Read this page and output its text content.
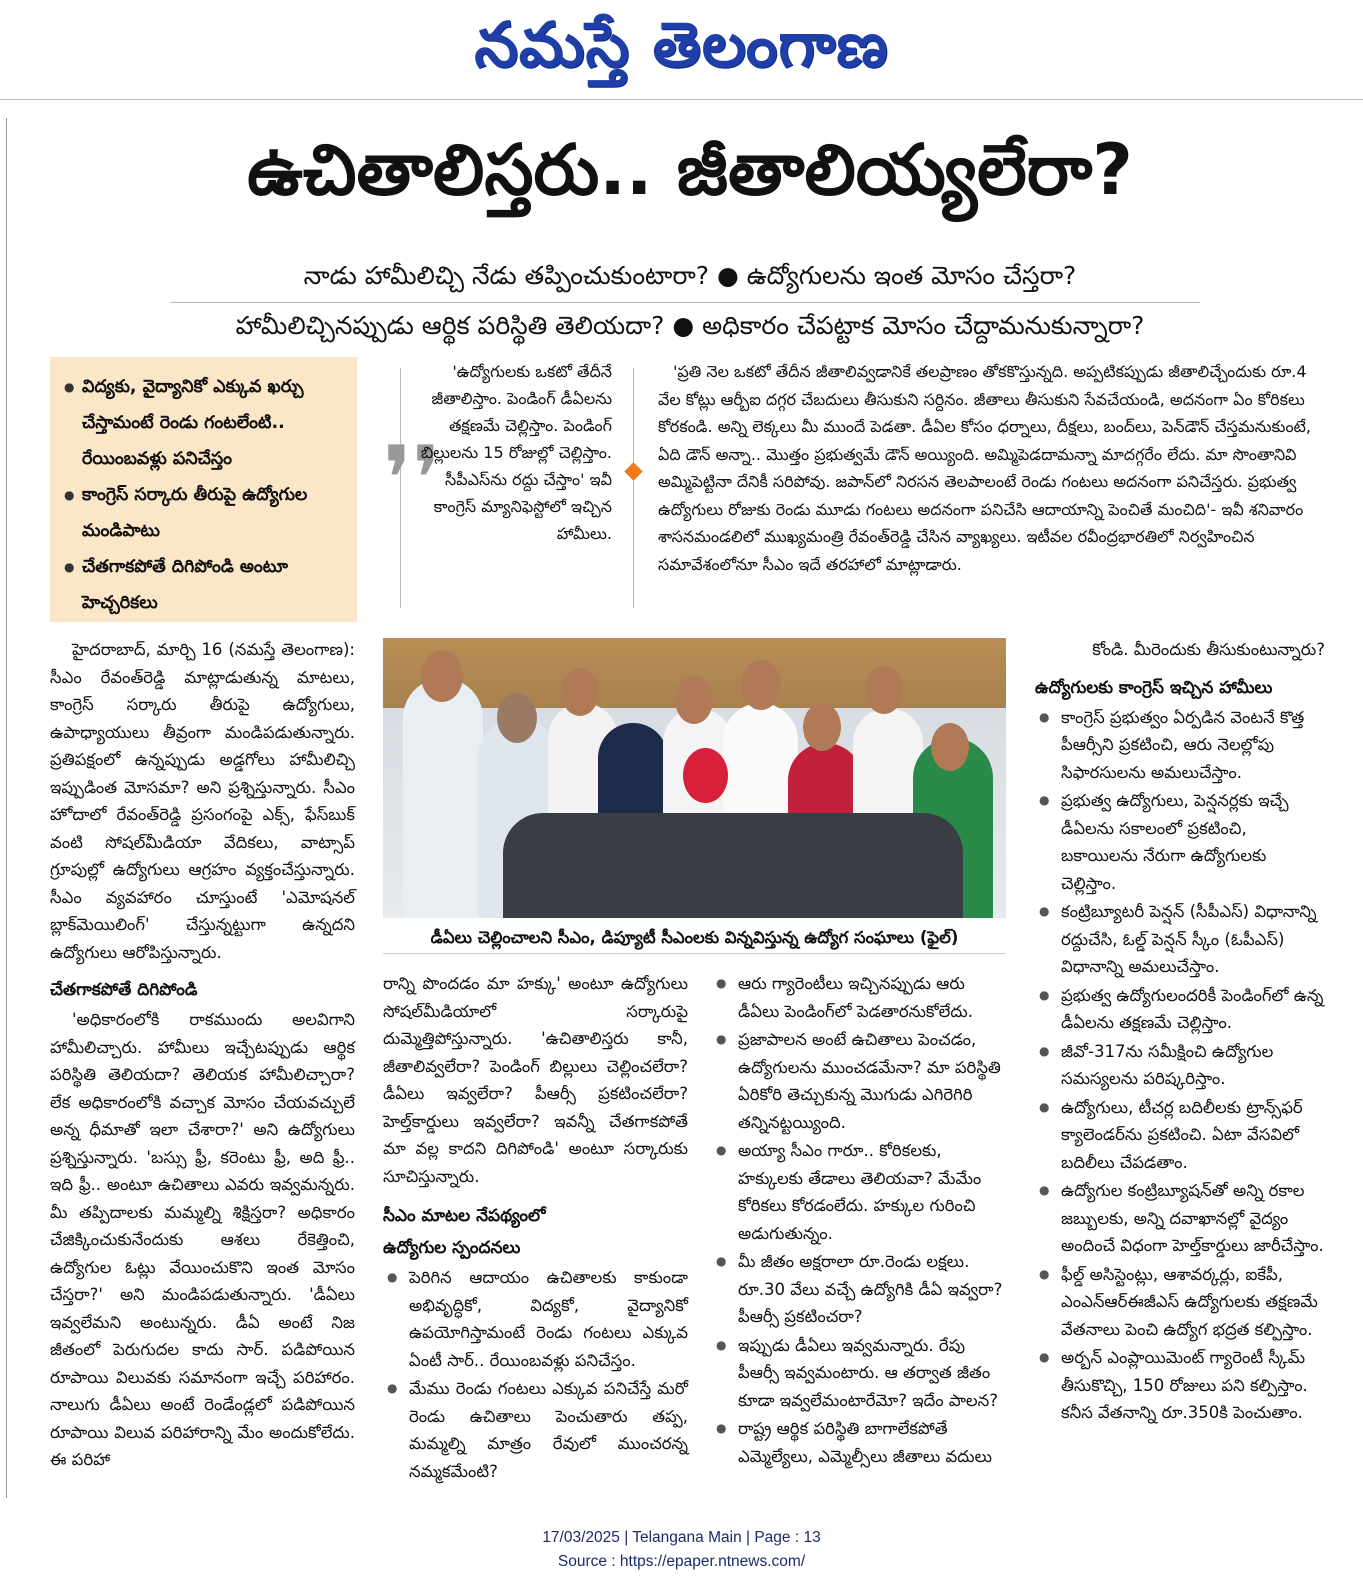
నమస్తే తెలంగాణ
ఉచితాలిస్తరు.. జీతాలియ్యలేరా?
నాడు హామీలిచ్చి నేడు తప్పించుకుంటారా? ● ఉద్యోగులను ఇంత మోసం చేస్తరా?
హామీలిచ్చినప్పుడు ఆర్థిక పరిస్థితి తెలియదా? ● అధికారం చేపట్టాక మోసం చేద్దామనుకున్నారా?
● విద్యకు, వైద్యానికో ఎక్కువ ఖర్చు చేస్తామంటే రెండు గంటలేంటి.. రేయింబవళ్లు పనిచేస్తం
● కాంగ్రెస్ సర్కారు తీరుపై ఉద్యోగుల మండిపాటు
● చేతగాకపోతే దిగిపోండి అంటూ హెచ్చరికలు
❜❜
'ఉద్యోగులకు ఒకటో తేదీనే జీతాలిస్తాం. పెండింగ్ డీఏలను తక్షణమే చెల్లిస్తాం. పెండింగ్ బిల్లులను 15 రోజుల్లో చెల్లిస్తాం. సీపీఎస్‌ను రద్దు చేస్తాం' ఇవీ కాంగ్రెస్ మ్యానిఫెస్టోలో ఇచ్చిన హామీలు.
'ప్రతి నెల ఒకటో తేదీన జీతాలివ్వడానికే తలప్రాణం తోకకొస్తున్నది. అప్పటికప్పుడు జీతాలిచ్చేందుకు రూ.4 వేల కోట్లు ఆర్బీఐ దగ్గర చేబదులు తీసుకుని సర్దినం. జీతాలు తీసుకుని సేవచేయండి, అదనంగా ఏం కోరికలు కోరకండి. అన్ని లెక్కలు మీ ముందే పెడతా. డీఏల కోసం ధర్నాలు, దీక్షలు, బంద్‌లు, పెన్‌డౌన్ చేస్తమనుకుంటే, ఏది డౌన్ అన్నా.. మొత్తం ప్రభుత్వమే డౌన్ అయ్యింది. అమ్మిపెడదామన్నా మాదగ్గరేం లేదు. మా సొంతానివి అమ్మిపెట్టినా దేనికీ సరిపోవు. జపాన్‌లో నిరసన తెలపాలంటే రెండు గంటలు అదనంగా పనిచేస్తరు. ప్రభుత్వ ఉద్యోగులు రోజుకు రెండు మూడు గంటలు అదనంగా పనిచేసి ఆదాయాన్ని పెంచితే మంచిది'- ఇవీ శనివారం శాసనమండలిలో ముఖ్యమంత్రి రేవంత్‌రెడ్డి చేసిన వ్యాఖ్యలు. ఇటీవల రవీంద్రభారతిలో నిర్వహించిన సమావేశంలోనూ సీఎం ఇదే తరహాలో మాట్లాడారు.
డీఏలు చెల్లించాలని సీఎం, డిప్యూటీ సీఎంలకు విన్నవిస్తున్న ఉద్యోగ సంఘాలు (ఫైల్)

హైదరాబాద్, మార్చి 16 (నమస్తే తెలంగాణ): సీఎం రేవంత్‌రెడ్డి మాట్లాడుతున్న మాటలు, కాంగ్రెస్ సర్కారు తీరుపై ఉద్యోగులు, ఉపాధ్యాయులు తీవ్రంగా మండిపడుతున్నారు. ప్రతిపక్షంలో ఉన్నప్పుడు అడ్డగోలు హామీలిచ్చి ఇప్పుడింత మోసమా? అని ప్రశ్నిస్తున్నారు. సీఎం హోదాలో రేవంత్‌రెడ్డి ప్రసంగంపై ఎక్స్, ఫేస్‌బుక్ వంటి సోషల్‌మీడియా వేదికలు, వాట్సాప్ గ్రూపుల్లో ఉద్యోగులు ఆగ్రహం వ్యక్తంచేస్తున్నారు. సీఎం వ్యవహారం చూస్తుంటే 'ఎమోషనల్ బ్లాక్‌మెయిలింగ్' చేస్తున్నట్టుగా ఉన్నదని ఉద్యోగులు ఆరోపిస్తున్నారు.

చేతగాకపోతే దిగిపోండి

'అధికారంలోకి రాకముందు అలవిగాని హామీలిచ్చారు. హామీలు ఇచ్చేటప్పుడు ఆర్థిక పరిస్థితి తెలియదా? తెలియక హామీలిచ్చారా? లేక అధికారంలోకి వచ్చాక మోసం చేయవచ్చులే అన్న ధీమాతో ఇలా చేశారా?' అని ఉద్యోగులు ప్రశ్నిస్తున్నారు. 'బస్సు ఫ్రీ, కరెంటు ఫ్రీ, అది ఫ్రీ.. ఇది ఫ్రీ.. అంటూ ఉచితాలు ఎవరు ఇవ్వమన్నరు. మీ తప్పిదాలకు మమ్మల్ని శిక్షిస్తరా? అధికారం చేజిక్కించుకునేందుకు ఆశలు రేకెత్తించి, ఉద్యోగుల ఓట్లు వేయించుకొని ఇంత మోసం చేస్తరా?' అని మండిపడుతున్నారు. 'డీఏలు ఇవ్వలేమని అంటున్నరు. డీఏ అంటే నిజ జీతంలో పెరుగుదల కాదు సార్. పడిపోయిన రూపాయి విలువకు సమానంగా ఇచ్చే పరిహారం. నాలుగు డీఏలు అంటే రెండేండ్లలో పడిపోయిన రూపాయి విలువ పరిహారాన్ని మేం అందుకోలేదు. ఈ పరిహా

రాన్ని పొందడం మా హక్కు' అంటూ ఉద్యోగులు సోషల్‌మీడియాలో సర్కారుపై దుమ్మెత్తిపోస్తున్నారు. 'ఉచితాలిస్తరు కానీ, జీతాలివ్వలేరా? పెండింగ్ బిల్లులు చెల్లించలేరా? డీఏలు ఇవ్వలేరా? పీఆర్సీ ప్రకటించలేరా? హెల్త్‌కార్డులు ఇవ్వలేరా? ఇవన్నీ చేతగాకపోతే మా వల్ల కాదని దిగిపోండి' అంటూ సర్కారుకు సూచిస్తున్నారు.

సీఎం మాటల నేపథ్యంలో
ఉద్యోగుల స్పందనలు
● పెరిగిన ఆదాయం ఉచితాలకు కాకుండా అభివృద్ధికో, విద్యకో, వైద్యానికో ఉపయోగిస్తామంటే రెండు గంటలు ఎక్కువ ఏంటీ సార్.. రేయింబవళ్లు పనిచేస్తం.
● మేము రెండు గంటలు ఎక్కువ పనిచేస్తే మరో రెండు ఉచితాలు పెంచుతారు తప్ప, మమ్మల్ని మాత్రం రేవులో ముంచరన్న నమ్మకమేంటి?
● ఆరు గ్యారెంటీలు ఇచ్చినప్పుడు ఆరు డీఏలు పెండింగ్‌లో పెడతారనుకోలేదు.
● ప్రజాపాలన అంటే ఉచితాలు పెంచడం, ఉద్యోగులను ముంచడమేనా? మా పరిస్థితి ఏరికోరి తెచ్చుకున్న మొగుడు ఎగిరెగిరి తన్నినట్టయ్యింది.
● అయ్యా సీఎం గారూ.. కోరికలకు, హక్కులకు తేడాలు తెలియవా? మేమేం కోరికలు కోరడంలేదు. హక్కుల గురించి అడుగుతున్నం.
● మీ జీతం అక్షరాలా రూ.రెండు లక్షలు. రూ.30 వేలు వచ్చే ఉద్యోగికి డీఏ ఇవ్వరా? పీఆర్సీ ప్రకటించరా?
● ఇప్పుడు డీఏలు ఇవ్వమన్నారు. రేపు పీఆర్సీ ఇవ్వమంటారు. ఆ తర్వాత జీతం కూడా ఇవ్వలేమంటారేమో? ఇదేం పాలన?
● రాష్ట్ర ఆర్థిక పరిస్థితి బాగాలేకపోతే ఎమ్మెల్యేలు, ఎమ్మెల్సీలు జీతాలు వదులు

కోండి. మీరెందుకు తీసుకుంటున్నారు?

ఉద్యోగులకు కాంగ్రెస్ ఇచ్చిన హామీలు
● కాంగ్రెస్ ప్రభుత్వం ఏర్పడిన వెంటనే కొత్త పీఆర్సీని ప్రకటించి, ఆరు నెలల్లోపు సిఫారసులను అమలుచేస్తాం.
● ప్రభుత్వ ఉద్యోగులు, పెన్షనర్లకు ఇచ్చే డీఏలను సకాలంలో ప్రకటించి, బకాయిలను నేరుగా ఉద్యోగులకు చెల్లిస్తాం.
● కంట్రిబ్యూటరీ పెన్షన్ (సీపీఎస్) విధానాన్ని రద్దుచేసి, ఓల్డ్ పెన్షన్ స్కీం (ఓపీఎస్) విధానాన్ని అమలుచేస్తాం.
● ప్రభుత్వ ఉద్యోగులందరికీ పెండింగ్‌లో ఉన్న డీఏలను తక్షణమే చెల్లిస్తాం.
● జీవో-317ను సమీక్షించి ఉద్యోగుల సమస్యలను పరిష్కరిస్తాం.
● ఉద్యోగులు, టీచర్ల బదిలీలకు ట్రాన్స్‌ఫర్ క్యాలెండర్‌ను ప్రకటించి. ఏటా వేసవిలో బదిలీలు చేపడతాం.
● ఉద్యోగుల కంట్రిబ్యూషన్‌తో అన్ని రకాల జబ్బులకు, అన్ని దవాఖానల్లో వైద్యం అందించే విధంగా హెల్త్‌కార్డులు జారీచేస్తాం.
● ఫీల్డ్ అసిస్టెంట్లు, ఆశావర్కర్లు, ఐకేపీ, ఎంఎన్‌ఆర్‌ఈజీఎస్ ఉద్యోగులకు తక్షణమే వేతనాలు పెంచి ఉద్యోగ భద్రత కల్పిస్తాం.
● అర్బన్ ఎంప్లాయిమెంట్ గ్యారెంటీ స్కీమ్ తీసుకొచ్చి, 150 రోజులు పని కల్పిస్తాం. కనీస వేతనాన్ని రూ.350కి పెంచుతాం.
17/03/2025 | Telangana Main | Page : 13
Source : https://epaper.ntnews.com/
